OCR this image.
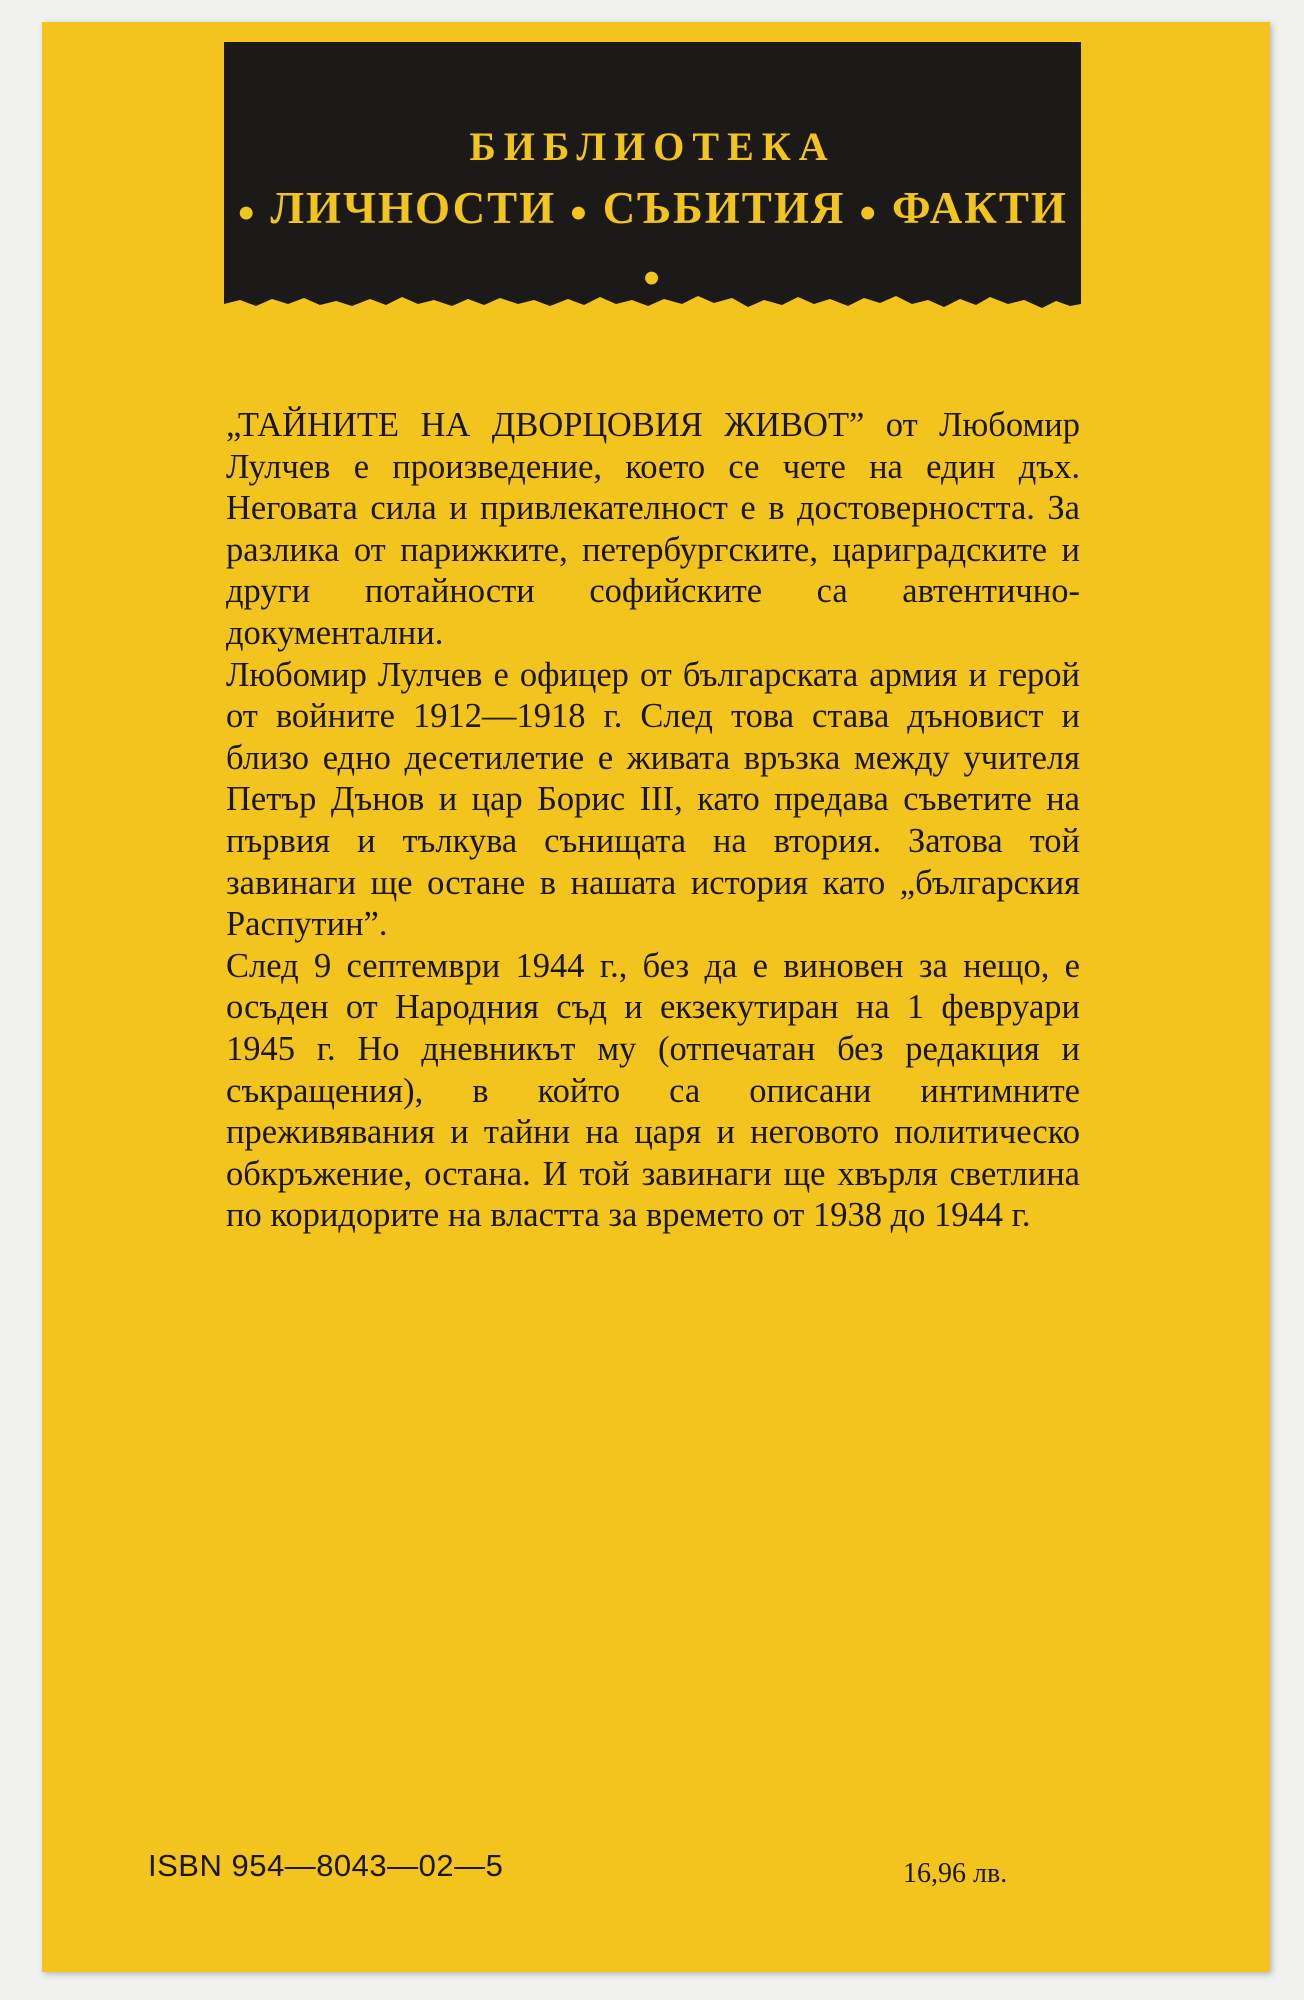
БИБЛИОТЕКА
● ЛИЧНОСТИ ● СЪБИТИЯ ● ФАКТИ ●

„ТАЙНИТЕ НА ДВОРЦОВИЯ ЖИВОТ” от Любомир Лулчев е произведение, което се чете на един дъх. Неговата сила и привлекателност е в достоверността. За разлика от парижките, петербургските, цариградските и други потайности софийските са автентично-документални.

Любомир Лулчев е офицер от българската армия и герой от войните 1912—1918 г. След това става дъновист и близо едно десетилетие е живата връзка между учителя Петър Дънов и цар Борис III, като предава съветите на първия и тълкува сънищата на втория. Затова той завинаги ще остане в нашата история като „българския Распутин”.

След 9 септември 1944 г., без да е виновен за нещо, е осъден от Народния съд и екзекутиран на 1 февруари 1945 г. Но дневникът му (отпечатан без редакция и съкращения), в който са описани интимните преживявания и тайни на царя и неговото политическо обкръжение, остана. И той завинаги ще хвърля светлина по коридорите на властта за времето от 1938 до 1944 г.

ISBN 954—8043—02—5	16,96 лв.
